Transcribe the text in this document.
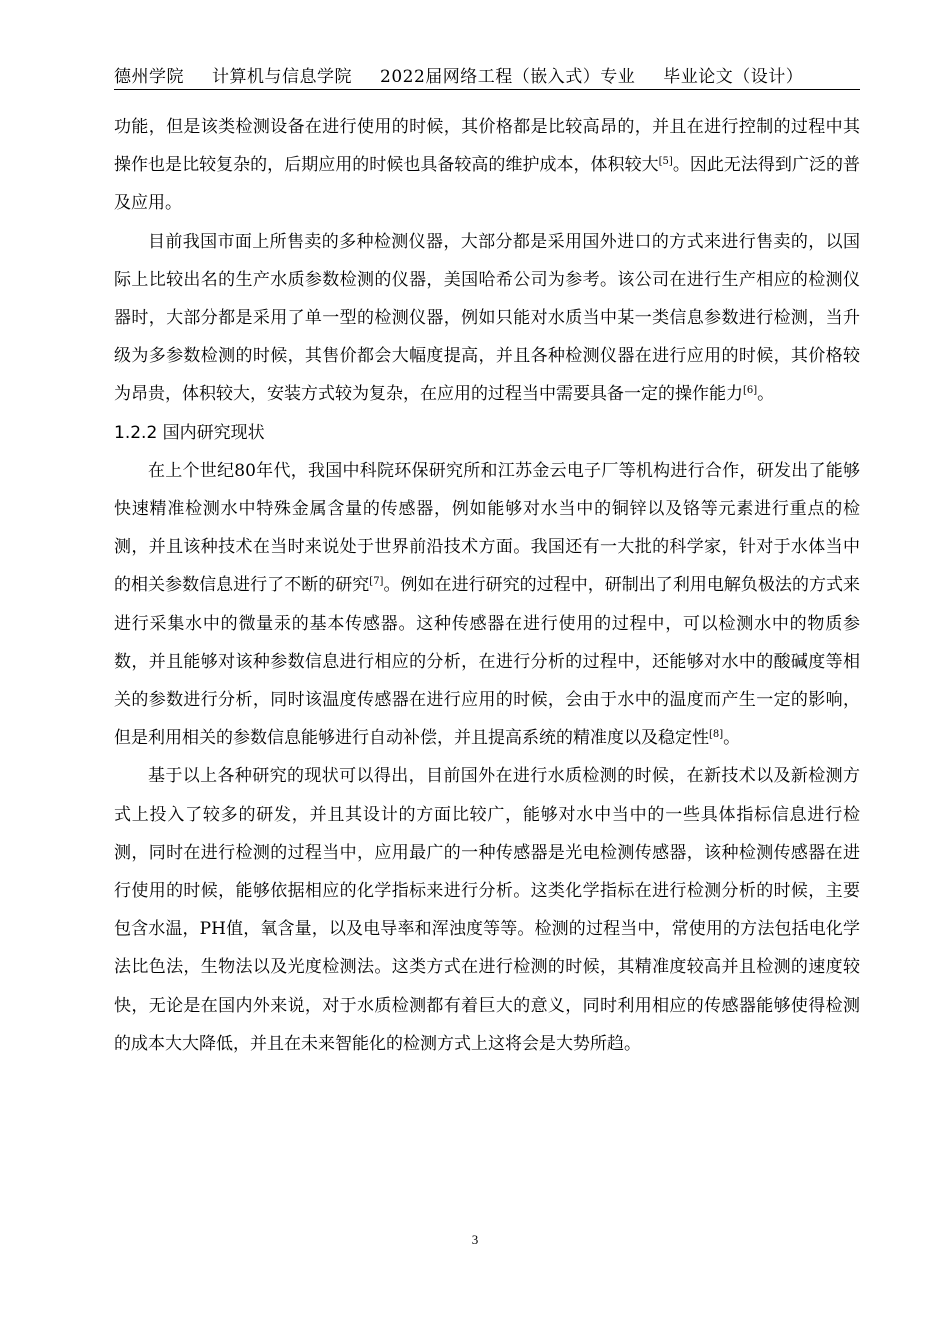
德州学院 计算机与信息学院 2022届网络工程（嵌入式）专业 毕业论文（设计）

功能，但是该类检测设备在进行使用的时候，其价格都是比较高昂的，并且在进行控制的过程中其操作也是比较复杂的，后期应用的时候也具备较高的维护成本，体积较大[5]。因此无法得到广泛的普及应用。

目前我国市面上所售卖的多种检测仪器，大部分都是采用国外进口的方式来进行售卖的，以国际上比较出名的生产水质参数检测的仪器，美国哈希公司为参考。该公司在进行生产相应的检测仪器时，大部分都是采用了单一型的检测仪器，例如只能对水质当中某一类信息参数进行检测，当升级为多参数检测的时候，其售价都会大幅度提高，并且各种检测仪器在进行应用的时候，其价格较为昂贵，体积较大，安装方式较为复杂，在应用的过程当中需要具备一定的操作能力[6]。

1.2.2 国内研究现状

在上个世纪80年代，我国中科院环保研究所和江苏金云电子厂等机构进行合作，研发出了能够快速精准检测水中特殊金属含量的传感器，例如能够对水当中的铜锌以及铬等元素进行重点的检测，并且该种技术在当时来说处于世界前沿技术方面。我国还有一大批的科学家，针对于水体当中的相关参数信息进行了不断的研究[7]。例如在进行研究的过程中，研制出了利用电解负极法的方式来进行采集水中的微量汞的基本传感器。这种传感器在进行使用的过程中，可以检测水中的物质参数，并且能够对该种参数信息进行相应的分析，在进行分析的过程中，还能够对水中的酸碱度等相关的参数进行分析，同时该温度传感器在进行应用的时候，会由于水中的温度而产生一定的影响，但是利用相关的参数信息能够进行自动补偿，并且提高系统的精准度以及稳定性[8]。

基于以上各种研究的现状可以得出，目前国外在进行水质检测的时候，在新技术以及新检测方式上投入了较多的研发，并且其设计的方面比较广，能够对水中当中的一些具体指标信息进行检测，同时在进行检测的过程当中，应用最广的一种传感器是光电检测传感器，该种检测传感器在进行使用的时候，能够依据相应的化学指标来进行分析。这类化学指标在进行检测分析的时候，主要包含水温，PH值，氧含量，以及电导率和浑浊度等等。检测的过程当中，常使用的方法包括电化学法比色法，生物法以及光度检测法。这类方式在进行检测的时候，其精准度较高并且检测的速度较快，无论是在国内外来说，对于水质检测都有着巨大的意义，同时利用相应的传感器能够使得检测的成本大大降低，并且在未来智能化的检测方式上这将会是大势所趋。

3
